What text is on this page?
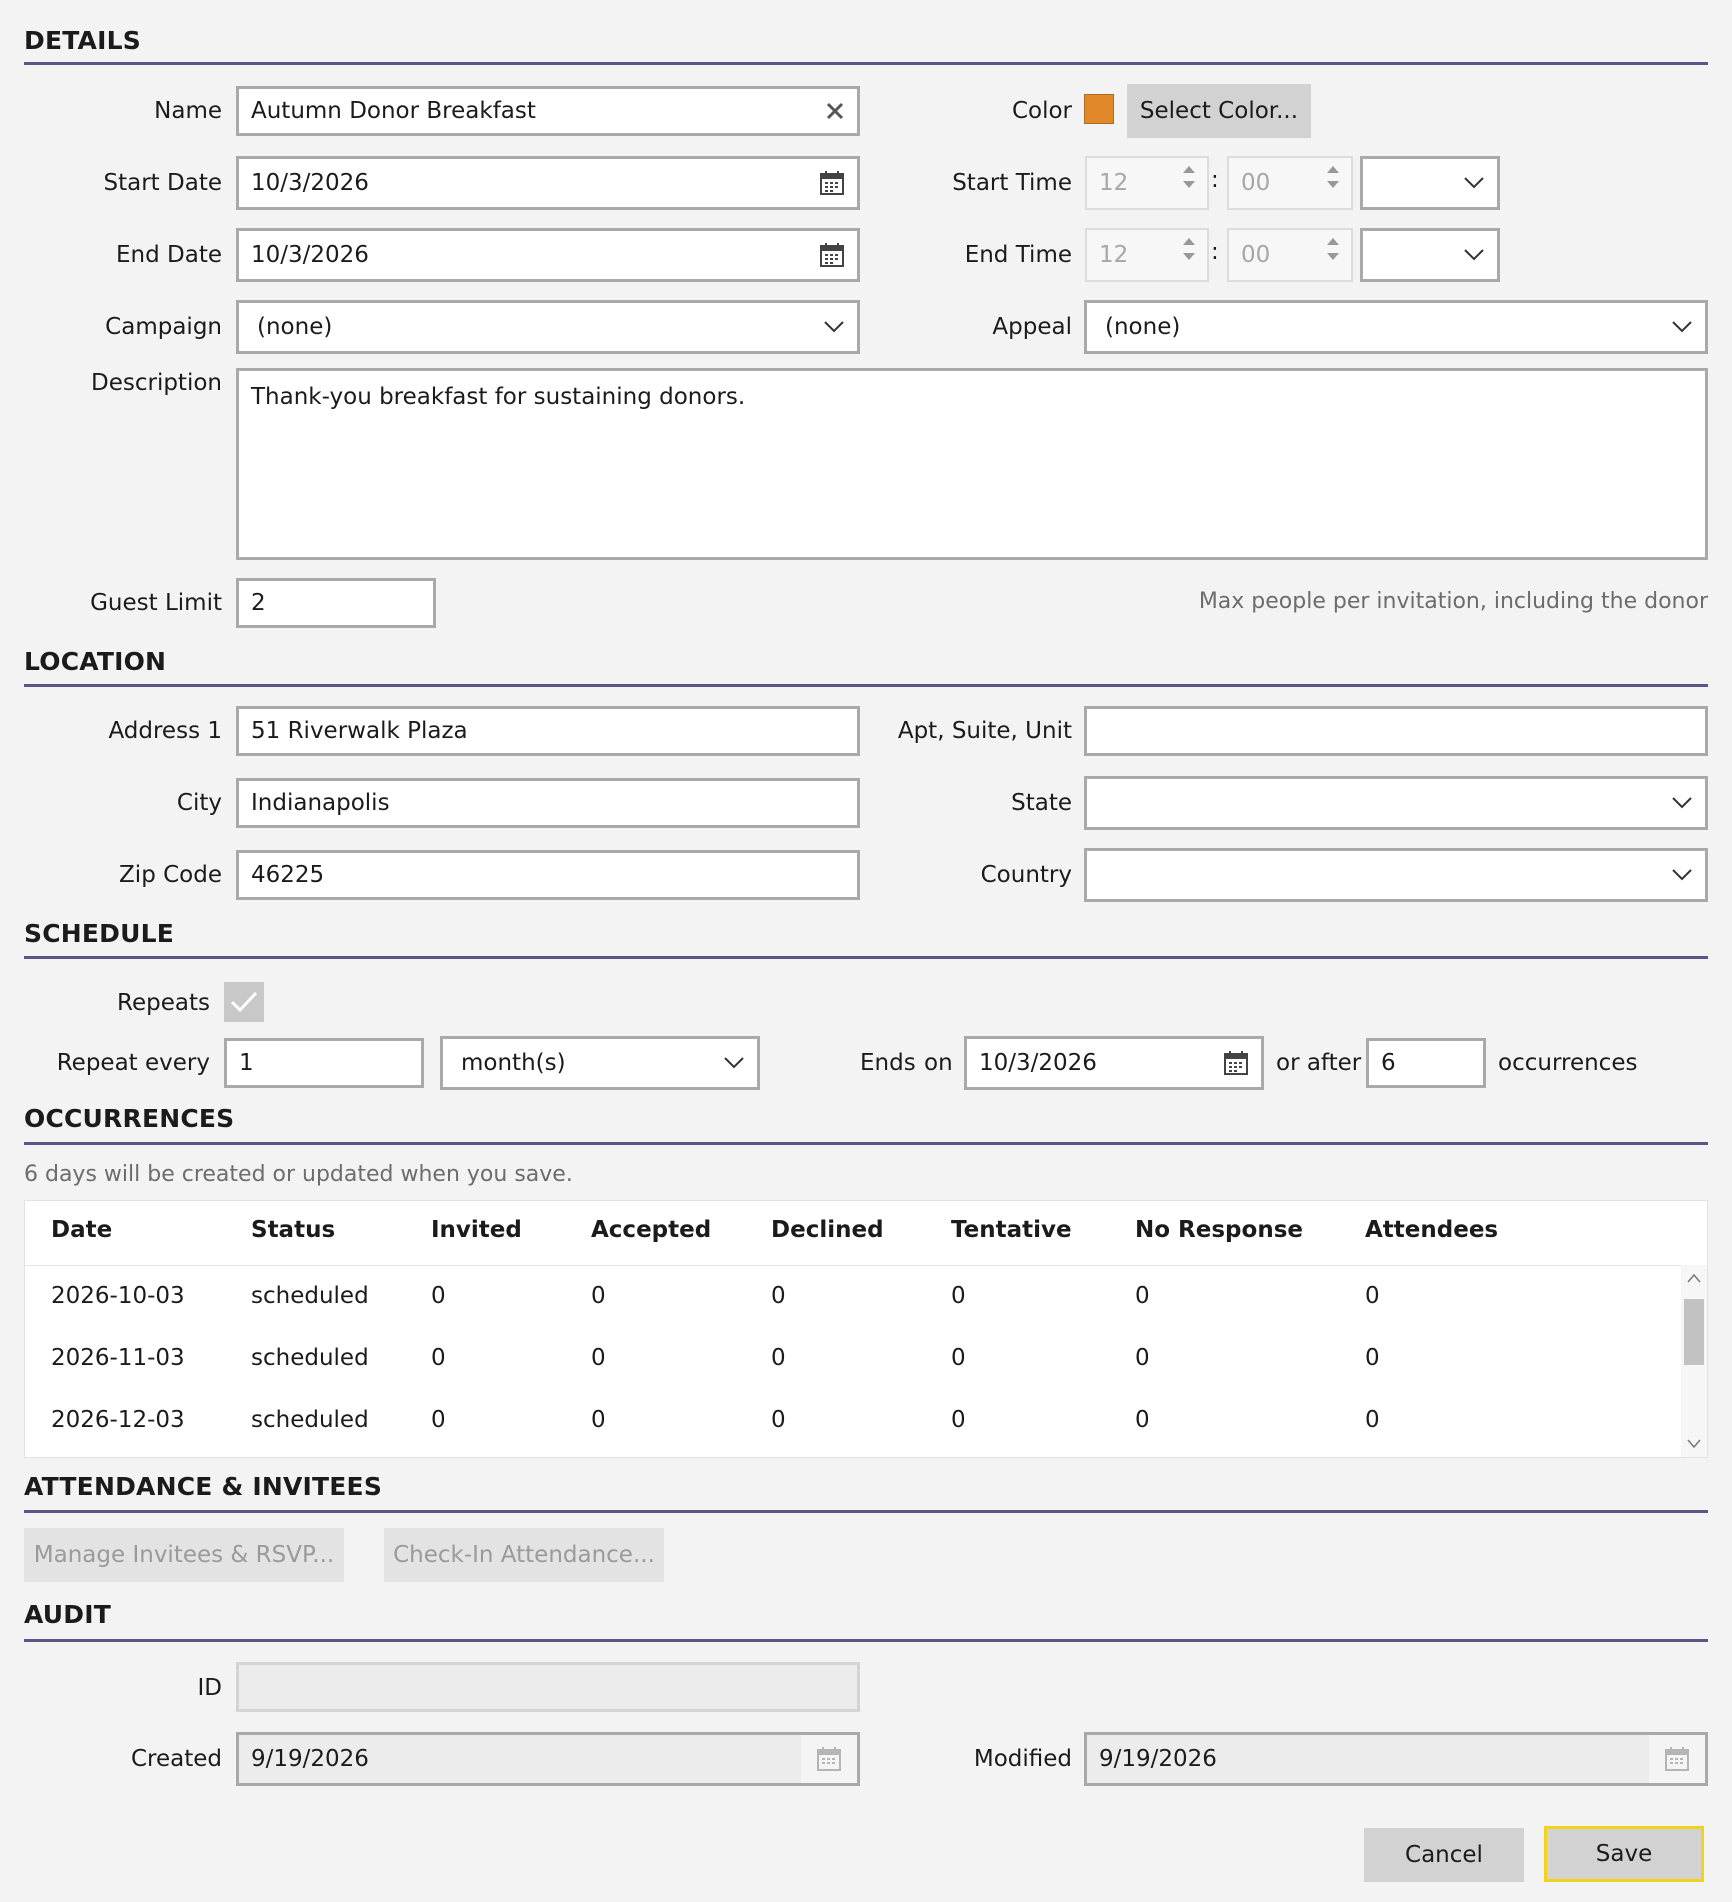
DETAILS
Name Autumn Donor Breakfast	Color	Select Color...
Start Date 10/3/2026	Start Time 12	: 00
End Date 10/3/2026	End Time 12	: 00
Campaign (none)	Appeal (none)
Description
Thank-you breakfast for sustaining donors.
Guest Limit 2	Max people per invitation, including the donor
LOCATION
Address 1 51 Riverwalk Plaza	Apt, Suite, Unit
City Indianapolis	State
Zip Code 46225	Country
SCHEDULE
Repeats
Repeat every 1	month(s)	Ends on 10/3/2026	or after 6	occurrences
OCCURRENCES
6 days will be created or updated when you save.
Date	Status	Invited	Accepted	Declined	Tentative	No Response	Attendees
2026-10-03	scheduled	0	0	0	0	0	0
2026-11-03	scheduled	0	0	0	0	0	0
2026-12-03	scheduled	0	0	0	0	0	0
ATTENDANCE & INVITEES
Manage Invitees & RSVP...	Check-In Attendance...
AUDIT
ID
Created 9/19/2026	Modified 9/19/2026
Cancel	Save
